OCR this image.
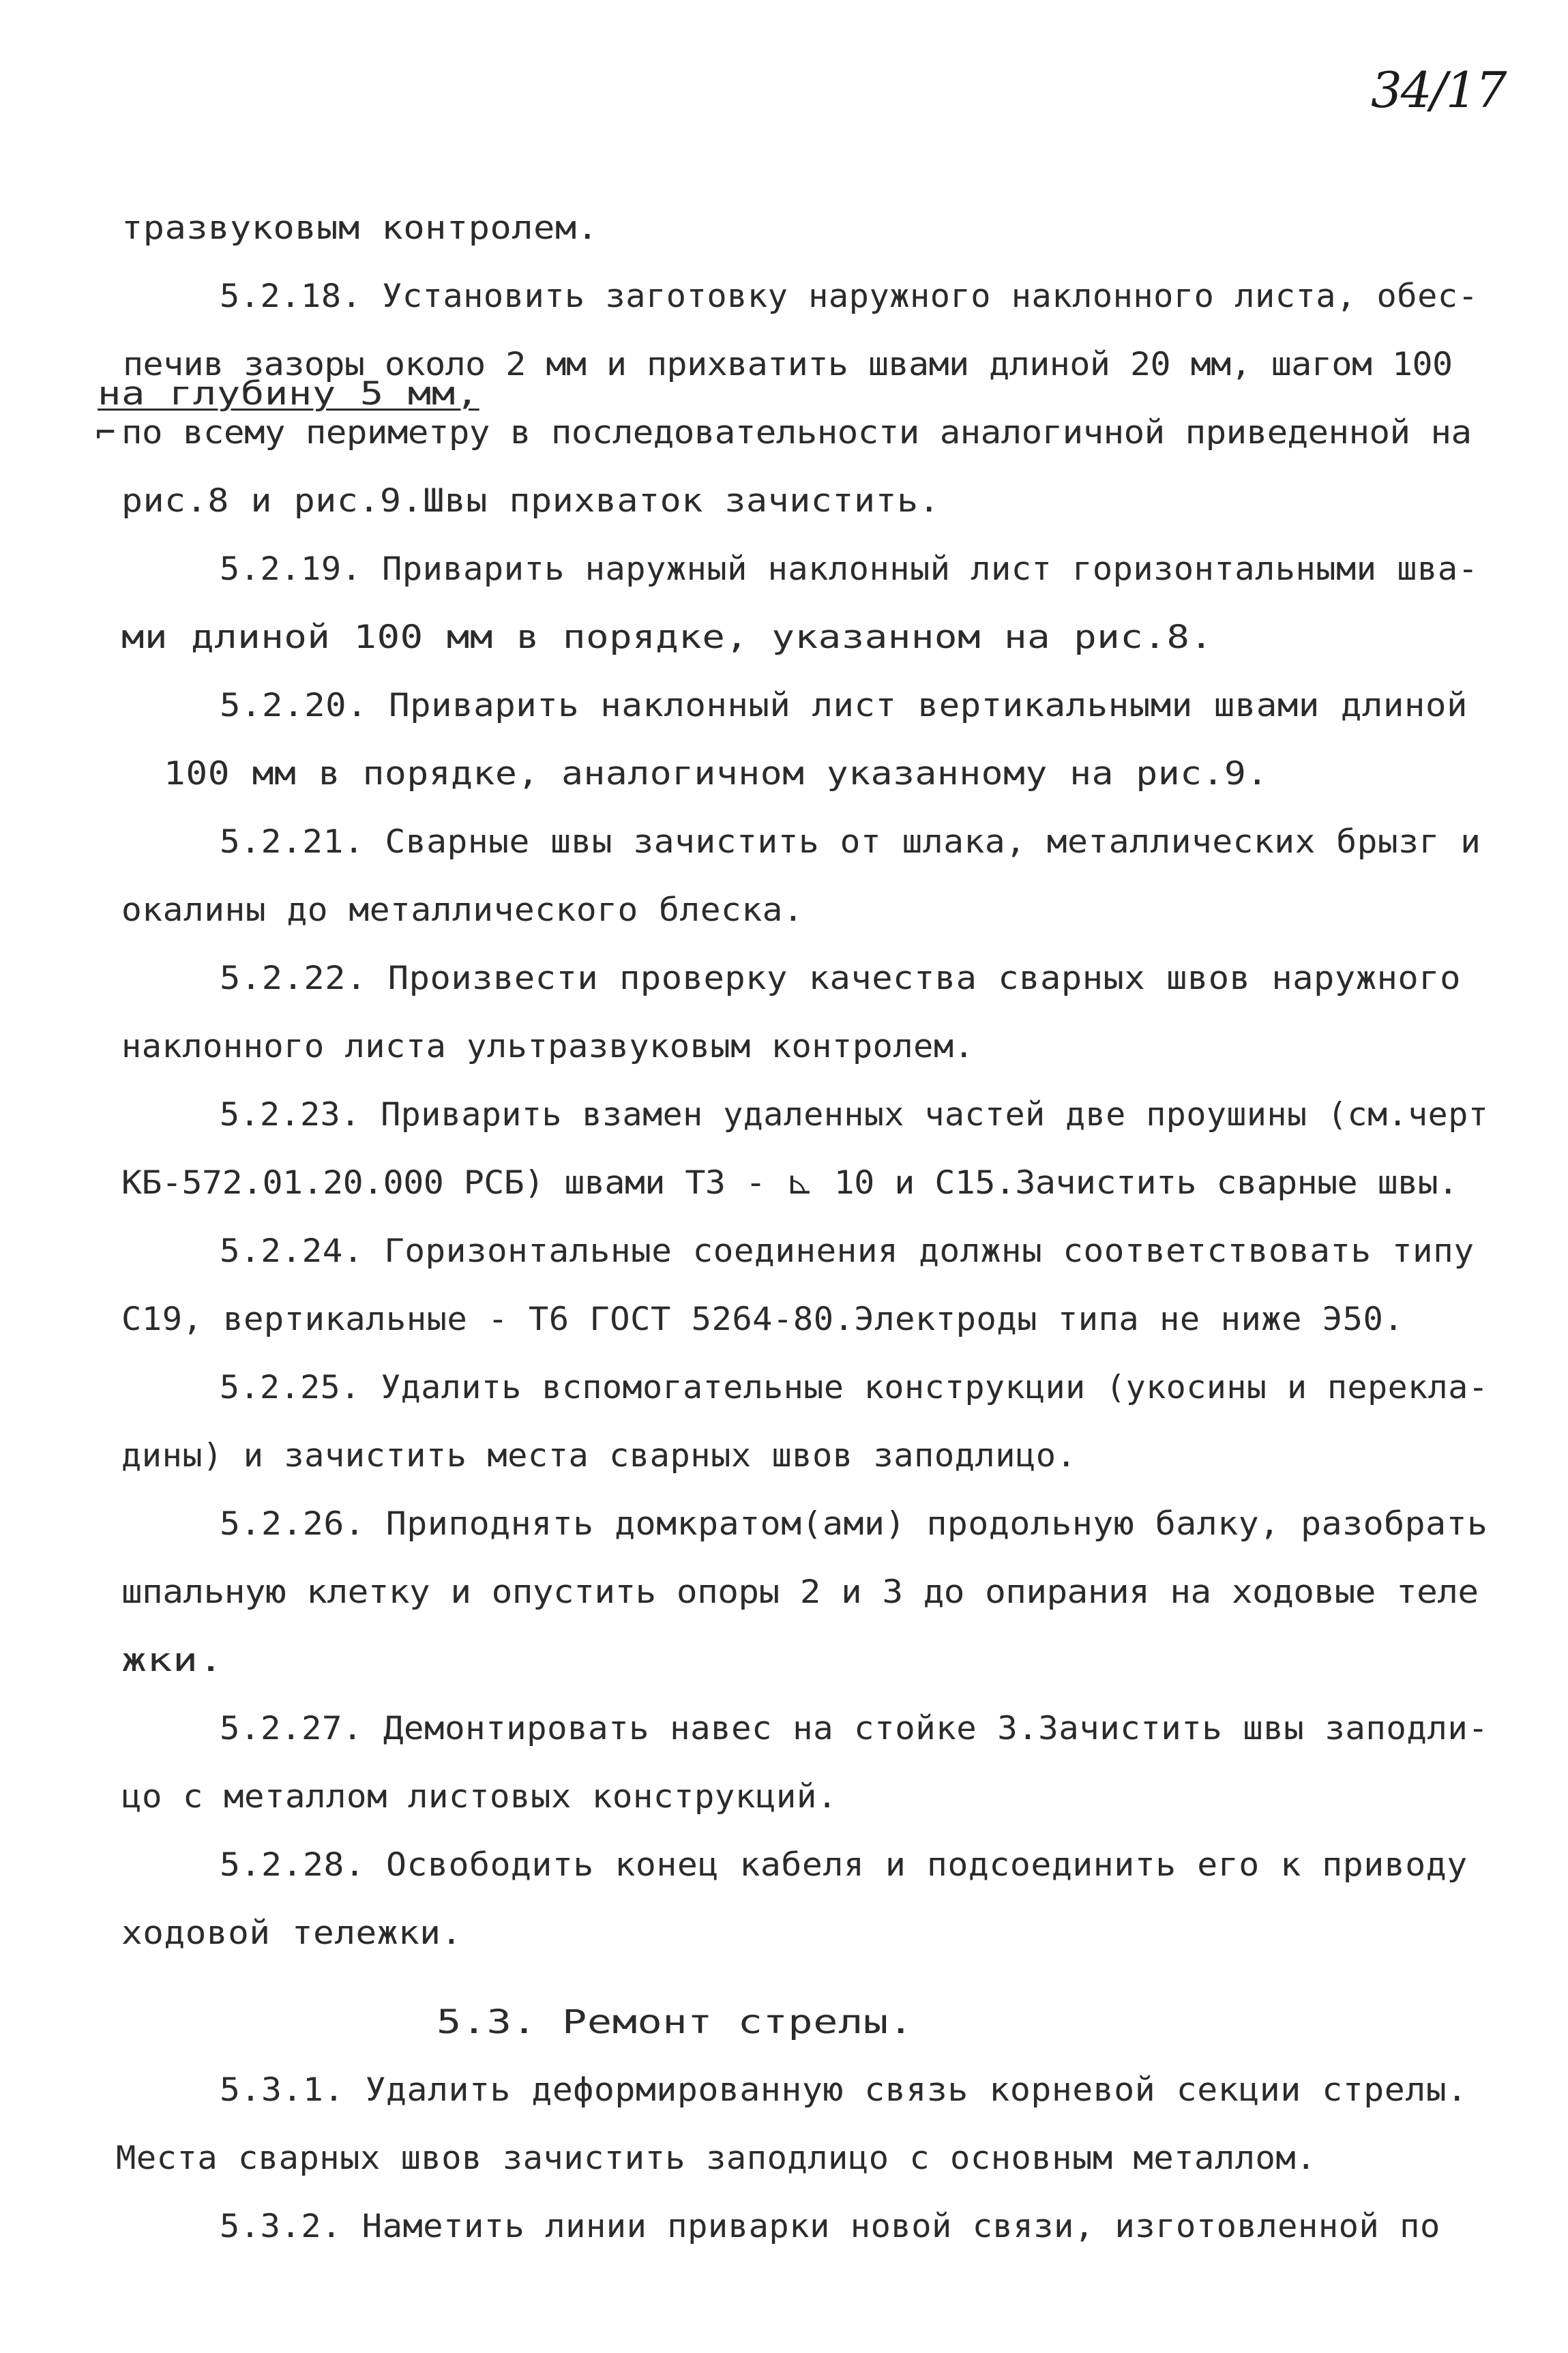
34/17
тразвуковым контролем.
5.2.18. Установить заготовку наружного наклонного листа, обес-
печив зазоры около 2 мм и прихватить швами длиной 20 мм, шагом 100
на глубину 5 мм,
⌐ по всему периметру в последовательности аналогичной приведенной на
рис.8 и рис.9.Швы прихваток зачистить.
5.2.19. Приварить наружный наклонный лист горизонтальными шва-
ми длиной 100 мм в порядке, указанном на рис.8.
5.2.20. Приварить наклонный лист вертикальными швами длиной
100 мм в порядке, аналогичном указанному на рис.9.
5.2.21. Сварные швы зачистить от шлака, металлических брызг и
окалины до металлического блеска.
5.2.22. Произвести проверку качества сварных швов наружного
наклонного листа ультразвуковым контролем.
5.2.23. Приварить взамен удаленных частей две проушины (см.черт
КБ-572.01.20.000 РСБ) швами Т3 - ⊾ 10 и С15.Зачистить сварные швы.
5.2.24. Горизонтальные соединения должны соответствовать типу
С19, вертикальные - Т6 ГОСТ 5264-80.Электроды типа не ниже Э50.
5.2.25. Удалить вспомогательные конструкции (укосины и перекла-
дины) и зачистить места сварных швов заподлицо.
5.2.26. Приподнять домкратом(ами) продольную балку, разобрать
шпальную клетку и опустить опоры 2 и 3 до опирания на ходовые теле
жки.
5.2.27. Демонтировать навес на стойке 3.Зачистить швы заподли-
цо с металлом листовых конструкций.
5.2.28. Освободить конец кабеля и подсоединить его к приводу
ходовой тележки.
5.3. Ремонт стрелы.
5.3.1. Удалить деформированную связь корневой секции стрелы.
Места сварных швов зачистить заподлицо с основным металлом.
5.3.2. Наметить линии приварки новой связи, изготовленной по
